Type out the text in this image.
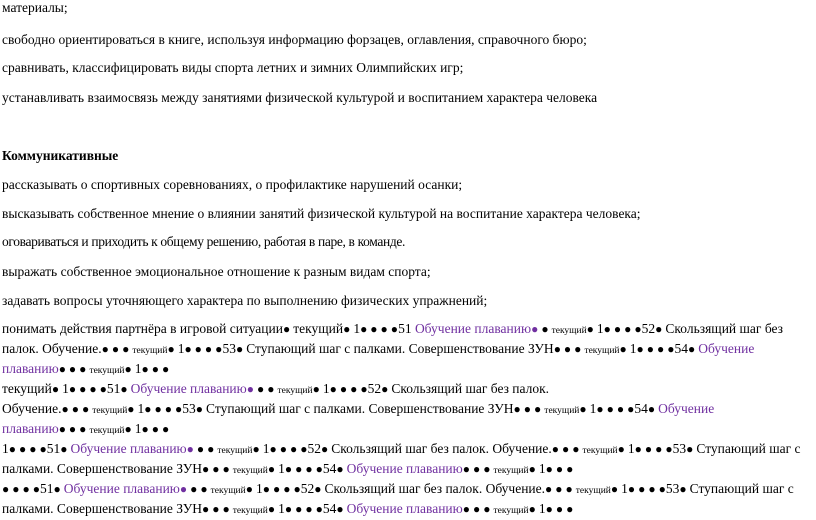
материалы;
свободно ориентироваться в книге, используя информацию форзацев, оглавления, справочного бюро;
сравнивать, классифицировать виды спорта летних и зимних Олимпийских игр;
устанавливать взаимосвязь между занятиями физической культурой и воспитанием характера человека
Коммуникативные
рассказывать о спортивных соревнованиях, о профилактике нарушений осанки;
высказывать собственное мнение о влиянии занятий физической культурой на воспитание характера человека;
оговариваться и приходить к общему решению, работая в паре, в команде.
выражать собственное эмоциональное отношение к разным видам спорта;
задавать вопросы уточняющего характера по выполнению физических упражнений;
понимать действия партнёра в игровой ситуации● текущий● 1● ● ● ●51 Обучение плаванию● ● текущий● 1● ● ● ●52● Скользящий шаг без
палок. Обучение.● ● ● текущий● 1● ● ● ●53● Ступающий шаг с палками. Совершенствование ЗУН● ● ● текущий● 1● ● ● ●54● Обучение
плаванию● ● ● текущий● 1● ● ●
текущий● 1● ● ● ●51● Обучение плаванию● ● ● текущий● 1● ● ● ●52● Скользящий шаг без палок.
Обучение.● ● ● текущий● 1● ● ● ●53● Ступающий шаг с палками. Совершенствование ЗУН● ● ● текущий● 1● ● ● ●54● Обучение
плаванию● ● ● текущий● 1● ● ●
1● ● ● ●51● Обучение плаванию● ● ● текущий● 1● ● ● ●52● Скользящий шаг без палок. Обучение.● ● ● текущий● 1● ● ● ●53● Ступающий шаг с
палками. Совершенствование ЗУН● ● ● текущий● 1● ● ● ●54● Обучение плаванию● ● ● текущий● 1● ● ●
● ● ● ●51● Обучение плаванию● ● ● текущий● 1● ● ● ●52● Скользящий шаг без палок. Обучение.● ● ● текущий● 1● ● ● ●53● Ступающий шаг с
палками. Совершенствование ЗУН● ● ● текущий● 1● ● ● ●54● Обучение плаванию● ● ● текущий● 1● ● ●
